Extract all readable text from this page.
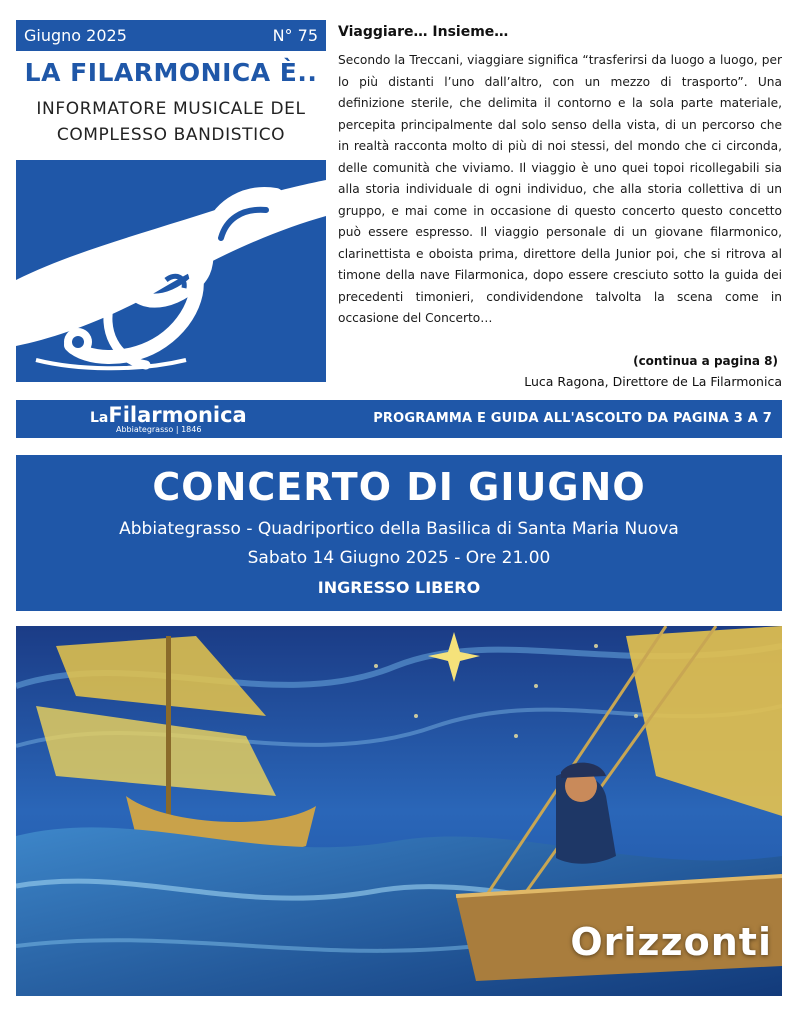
Giugno 2025	N° 75
LA FILARMONICA È..
INFORMATORE MUSICALE DEL
COMPLESSO BANDISTICO
Viaggiare… Insieme…
Secondo la Treccani, viaggiare significa “trasferirsi da luogo a luogo, per lo più distanti l’uno dall’altro, con un mezzo di trasporto”. Una definizione sterile, che delimita il contorno e la sola parte materiale, percepita principalmente dal solo senso della vista, di un percorso che in realtà racconta molto di più di noi stessi, del mondo che ci circonda, delle comunità che viviamo. Il viaggio è uno quei topoi ricollegabili sia alla storia individuale di ogni individuo, che alla storia collettiva di un gruppo, e mai come in occasione di questo concerto questo concetto può essere espresso. Il viaggio personale di un giovane filarmonico, clarinettista e oboista prima, direttore della Junior poi, che si ritrova al timone della nave Filarmonica, dopo essere cresciuto sotto la guida dei precedenti timonieri, condividendone talvolta la scena come in occasione del Concerto…
(continua a pagina 8)
Luca Ragona, Direttore de La Filarmonica
LaFilarmonica
Abbiategrasso | 1846
PROGRAMMA E GUIDA ALL'ASCOLTO DA PAGINA 3 A 7
CONCERTO DI GIUGNO
Abbiategrasso - Quadriportico della Basilica di Santa Maria Nuova
Sabato 14 Giugno 2025 - Ore 21.00
INGRESSO LIBERO
Orizzonti
